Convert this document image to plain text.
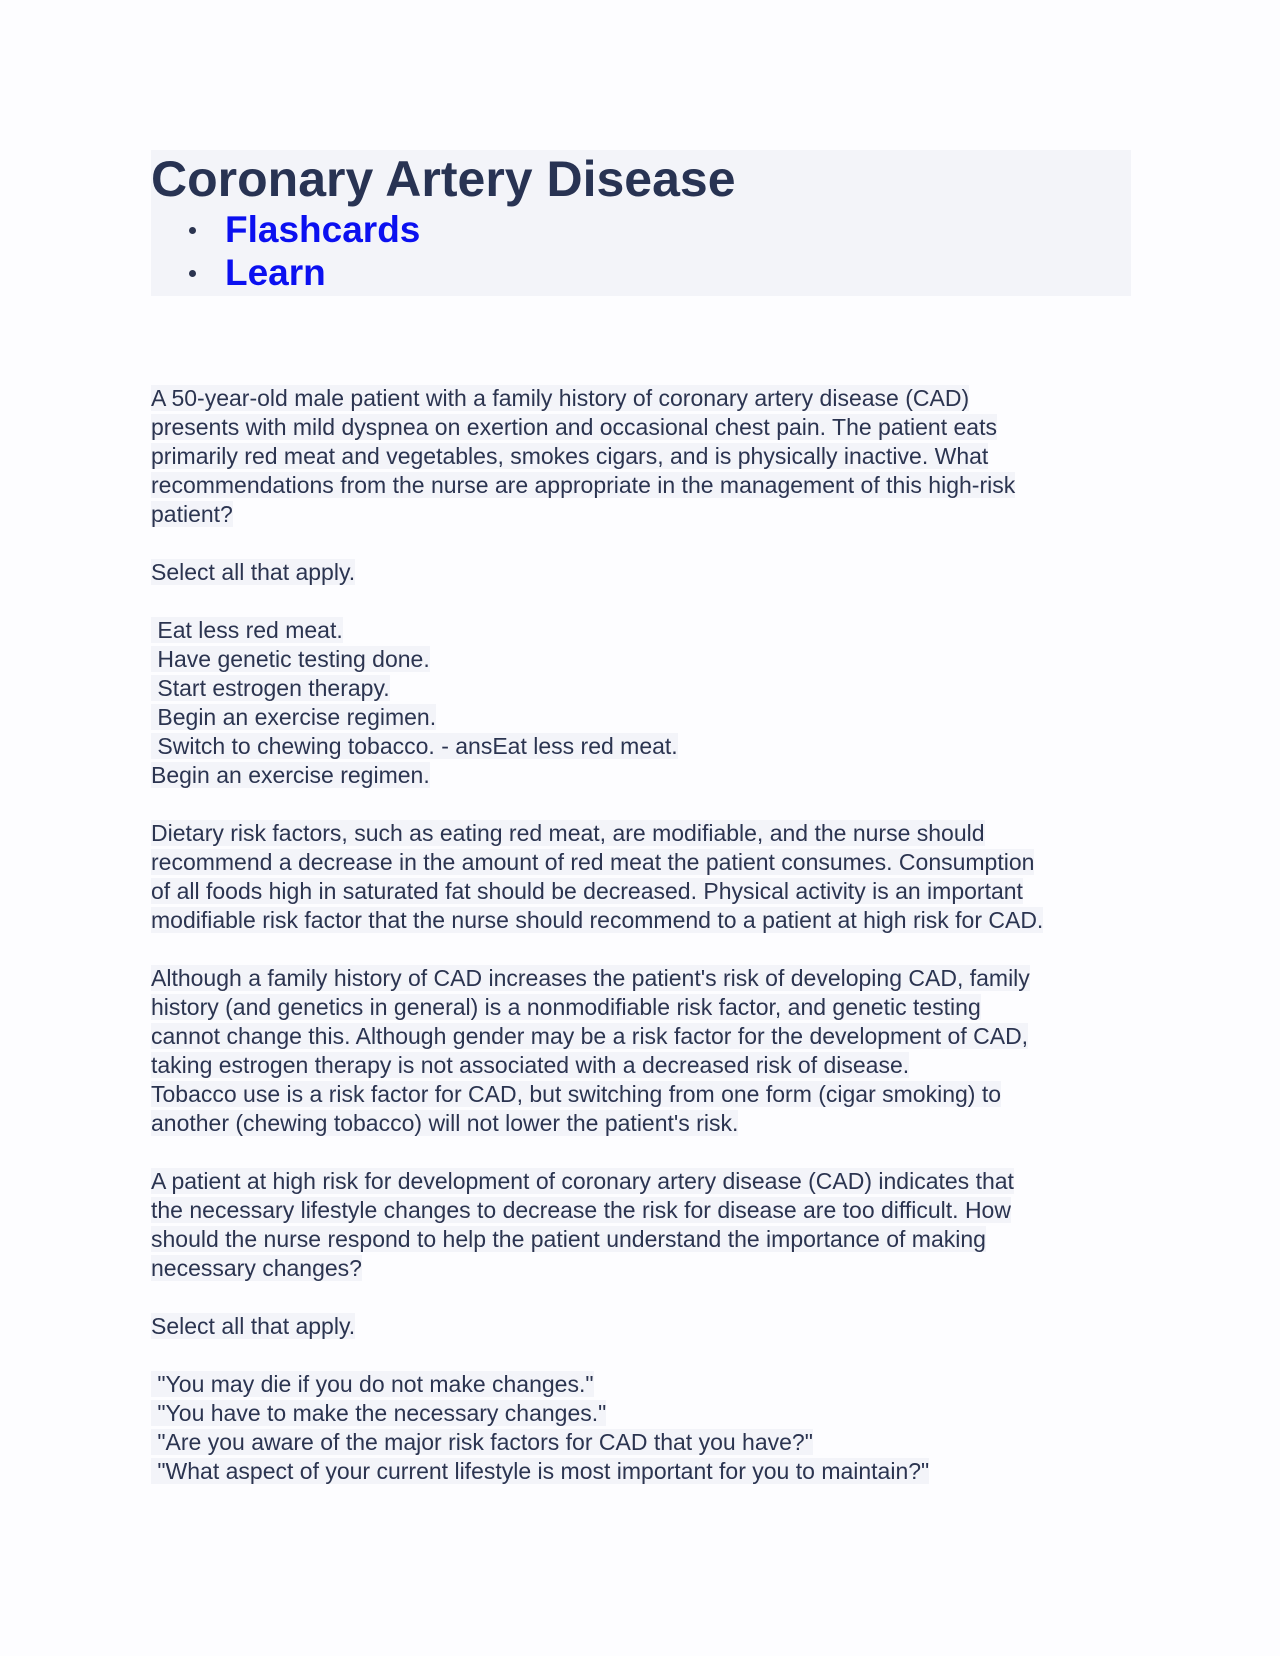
Coronary Artery Disease
Flashcards
Learn
A 50-year-old male patient with a family history of coronary artery disease (CAD)
presents with mild dyspnea on exertion and occasional chest pain. The patient eats
primarily red meat and vegetables, smokes cigars, and is physically inactive. What
recommendations from the nurse are appropriate in the management of this high-risk
patient?
Select all that apply.
Eat less red meat.
Have genetic testing done.
Start estrogen therapy.
Begin an exercise regimen.
Switch to chewing tobacco. - ansEat less red meat.
Begin an exercise regimen.
Dietary risk factors, such as eating red meat, are modifiable, and the nurse should
recommend a decrease in the amount of red meat the patient consumes. Consumption
of all foods high in saturated fat should be decreased. Physical activity is an important
modifiable risk factor that the nurse should recommend to a patient at high risk for CAD.
Although a family history of CAD increases the patient's risk of developing CAD, family
history (and genetics in general) is a nonmodifiable risk factor, and genetic testing
cannot change this. Although gender may be a risk factor for the development of CAD,
taking estrogen therapy is not associated with a decreased risk of disease.
Tobacco use is a risk factor for CAD, but switching from one form (cigar smoking) to
another (chewing tobacco) will not lower the patient's risk.
A patient at high risk for development of coronary artery disease (CAD) indicates that
the necessary lifestyle changes to decrease the risk for disease are too difficult. How
should the nurse respond to help the patient understand the importance of making
necessary changes?
Select all that apply.
"You may die if you do not make changes."
"You have to make the necessary changes."
"Are you aware of the major risk factors for CAD that you have?"
"What aspect of your current lifestyle is most important for you to maintain?"
